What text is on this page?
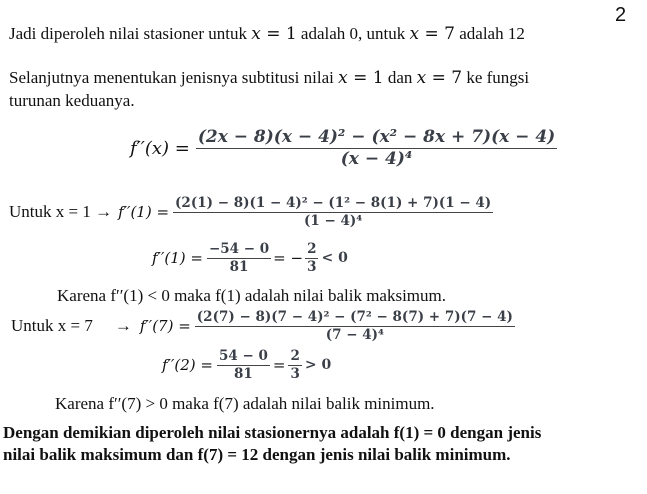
2
Jadi diperoleh nilai stasioner untuk x = 1 adalah 0, untuk x = 7 adalah 12
Selanjutnya menentukan jenisnya subtitusi nilai x = 1 dan x = 7 ke fungsi
turunan keduanya.
$f''(x) = \frac{\text{(2x − 8)(x − 4)² − (x² − 8x + 7)(x − 4)}}{\text{(x − 4)⁴}}$
Untuk $x = 1 \to f''(1) = \frac{\text{(2(1) − 8)(1 − 4)² − (1² − 8(1) + 7)(1 − 4)}}{\text{(1 − 4)⁴}}$
$f''(1) = \frac{-54 - 0}{81}$ = − $\frac{2}{3} < 0$
Karena f′′(1) < 0 maka f(1) adalah nilai balik maksimum.
Untuk $x = 7 \to f''(7) = \frac{\text{(2(7) − 8)(7 − 4)² − (7² − 8(7) + 7)(7 − 4)}}{\text{(7 − 4)⁴}}$
$f''(2) = \frac{54 - 0}{81} = \frac{2}{3} > 0$
Karena f′′(7) > 0 maka f(7) adalah nilai balik minimum.
Dengan demikian diperoleh nilai stasionernya adalah f(1) = 0 dengan jenis
nilai balik maksimum dan f(7) = 12 dengan jenis nilai balik minimum.
